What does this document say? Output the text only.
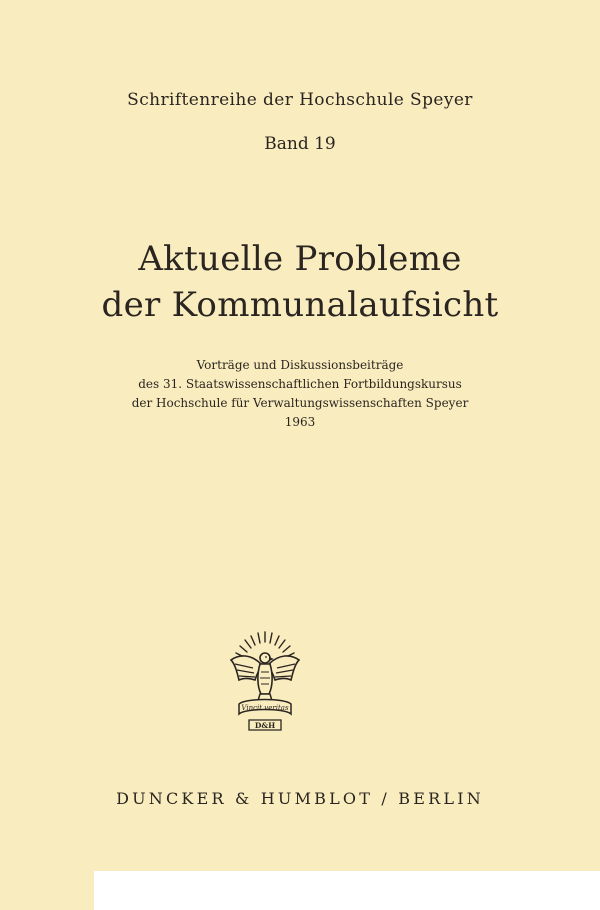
Schriftenreihe der Hochschule Speyer
Band 19
Aktuelle Probleme
der Kommunalaufsicht
Vorträge und Diskussionsbeiträge
des 31. Staatswissenschaftlichen Fortbildungskursus
der Hochschule für Verwaltungswissenschaften Speyer
1963
Vincit veritas
D&H
DUNCKER & HUMBLOT / BERLIN
